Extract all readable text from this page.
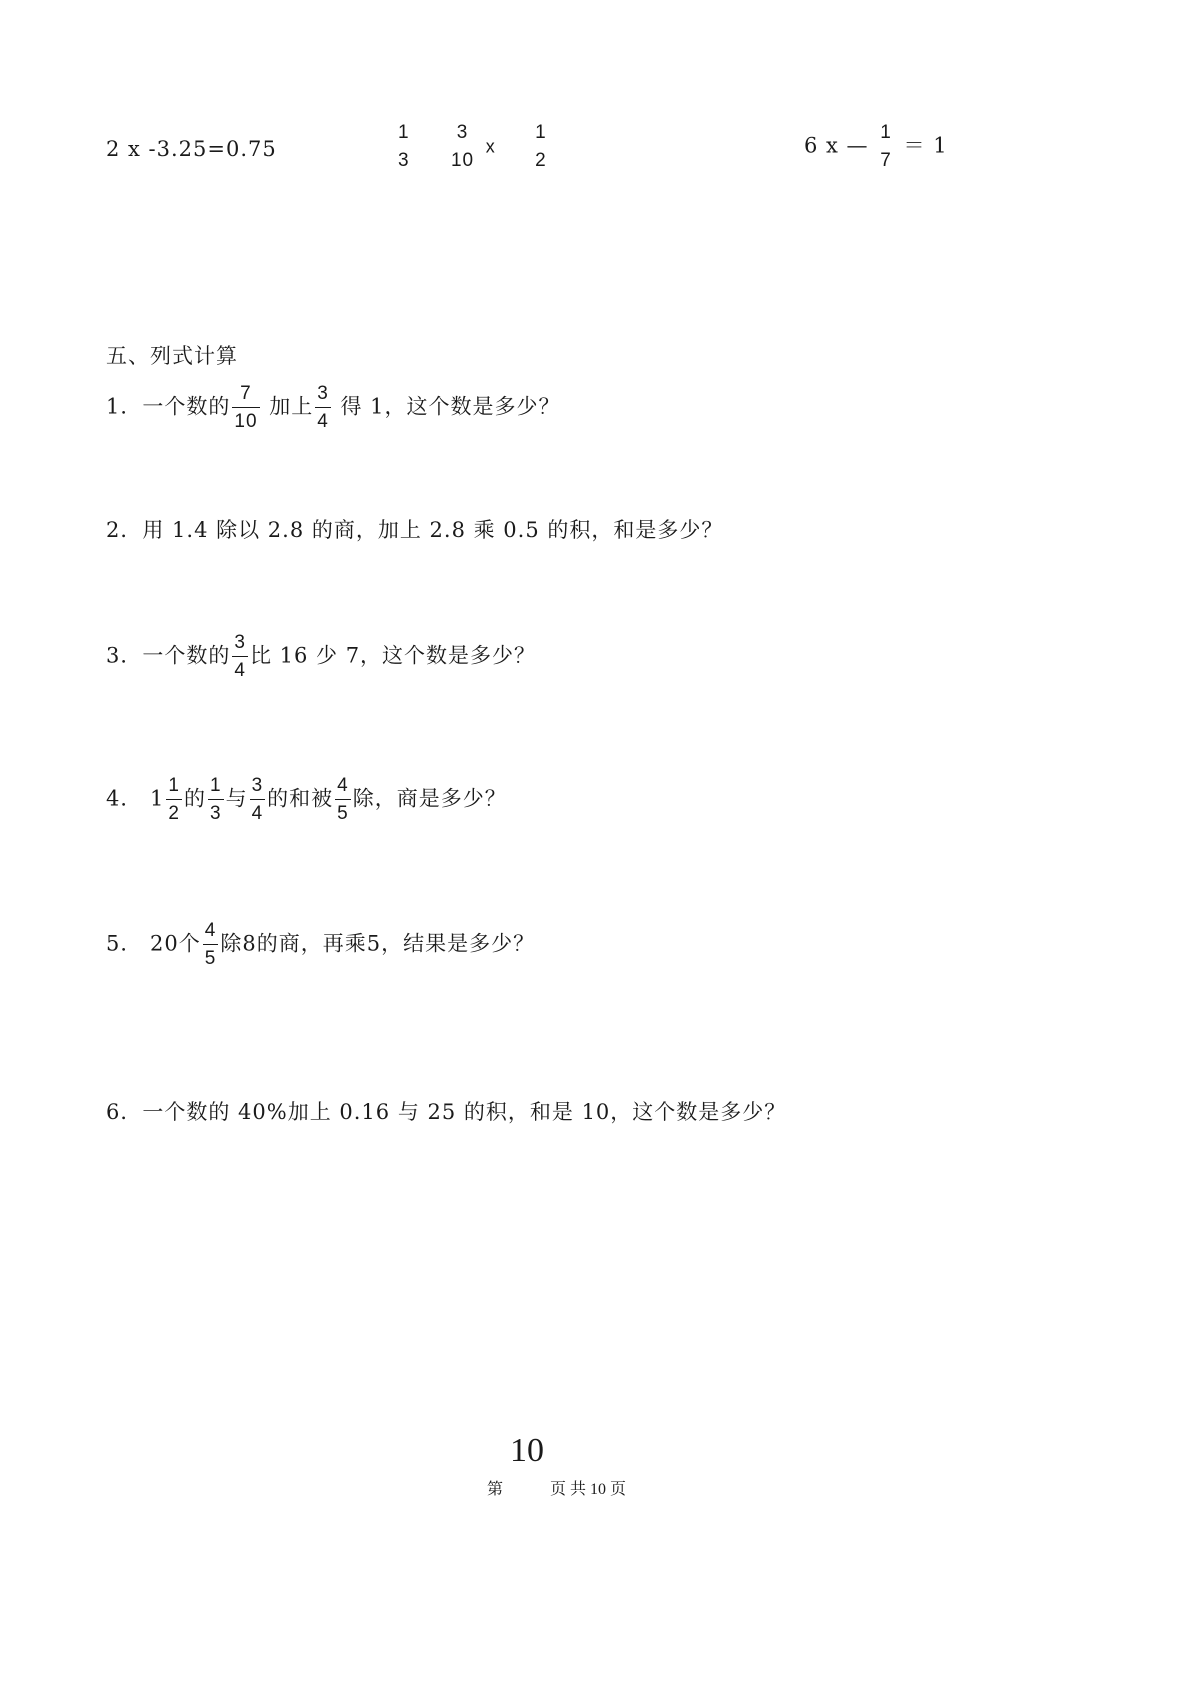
2 x -3.25=0.75
1
3

3
10
x
1
2
6 x —
1
7
＝ 1
五、列式计算
1．一个数的 $\frac{7}{10}$ 加上 $\frac{3}{4}$ 得 1，这个数是多少？
2．用 1.4 除以 2.8 的商，加上 2.8 乘 0.5 的积，和是多少？
3．一个数的 $\frac{3}{4}$ 比 16 少 7，这个数是多少？
4． $1 \frac{1}{2}$ 的 $\frac{1}{3}$ 与 $\frac{3}{4}$ 的和被 $\frac{4}{5}$ 除，商是多少？
5． 20个 $\frac{4}{5}$ 除8的商，再乘5，结果是多少？
6．一个数的 40%加上 0.16 与 25 的积，和是 10，这个数是多少？
10
第	页 共 10 页
